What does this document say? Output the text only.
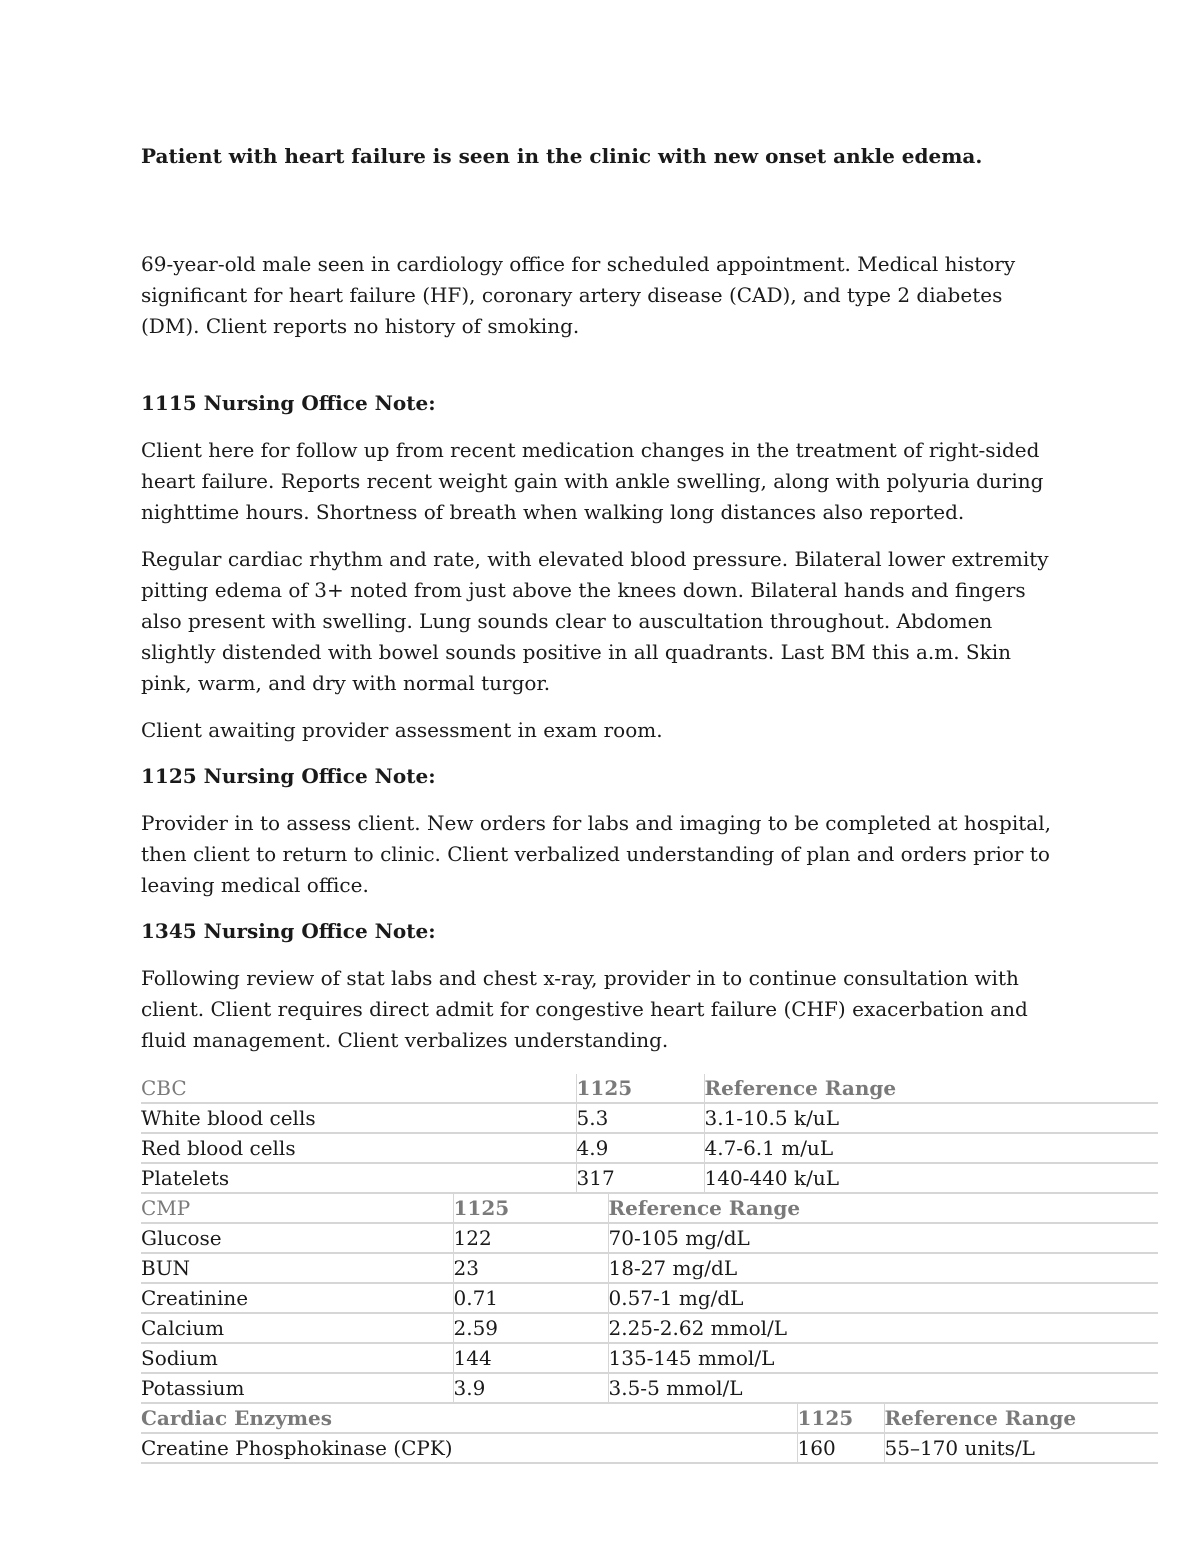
Patient with heart failure is seen in the clinic with new onset ankle edema.

69-year-old male seen in cardiology office for scheduled appointment. Medical history significant for heart failure (HF), coronary artery disease (CAD), and type 2 diabetes (DM). Client reports no history of smoking.

1115 Nursing Office Note:

Client here for follow up from recent medication changes in the treatment of right-sided heart failure. Reports recent weight gain with ankle swelling, along with polyuria during nighttime hours. Shortness of breath when walking long distances also reported.

Regular cardiac rhythm and rate, with elevated blood pressure. Bilateral lower extremity pitting edema of 3+ noted from just above the knees down. Bilateral hands and fingers also present with swelling. Lung sounds clear to auscultation throughout. Abdomen slightly distended with bowel sounds positive in all quadrants. Last BM this a.m. Skin pink, warm, and dry with normal turgor.

Client awaiting provider assessment in exam room.

1125 Nursing Office Note:

Provider in to assess client. New orders for labs and imaging to be completed at hospital, then client to return to clinic. Client verbalized understanding of plan and orders prior to leaving medical office.

1345 Nursing Office Note:

Following review of stat labs and chest x-ray, provider in to continue consultation with client. Client requires direct admit for congestive heart failure (CHF) exacerbation and fluid management. Client verbalizes understanding.

CBC	1125	Reference Range
White blood cells	5.3	3.1-10.5 k/uL
Red blood cells	4.9	4.7-6.1 m/uL
Platelets	317	140-440 k/uL
CMP	1125	Reference Range
Glucose	122	70-105 mg/dL
BUN	23	18-27 mg/dL
Creatinine	0.71	0.57-1 mg/dL
Calcium	2.59	2.25-2.62 mmol/L
Sodium	144	135-145 mmol/L
Potassium	3.9	3.5-5 mmol/L
Cardiac Enzymes	1125	Reference Range
Creatine Phosphokinase (CPK)	160	55–170 units/L
